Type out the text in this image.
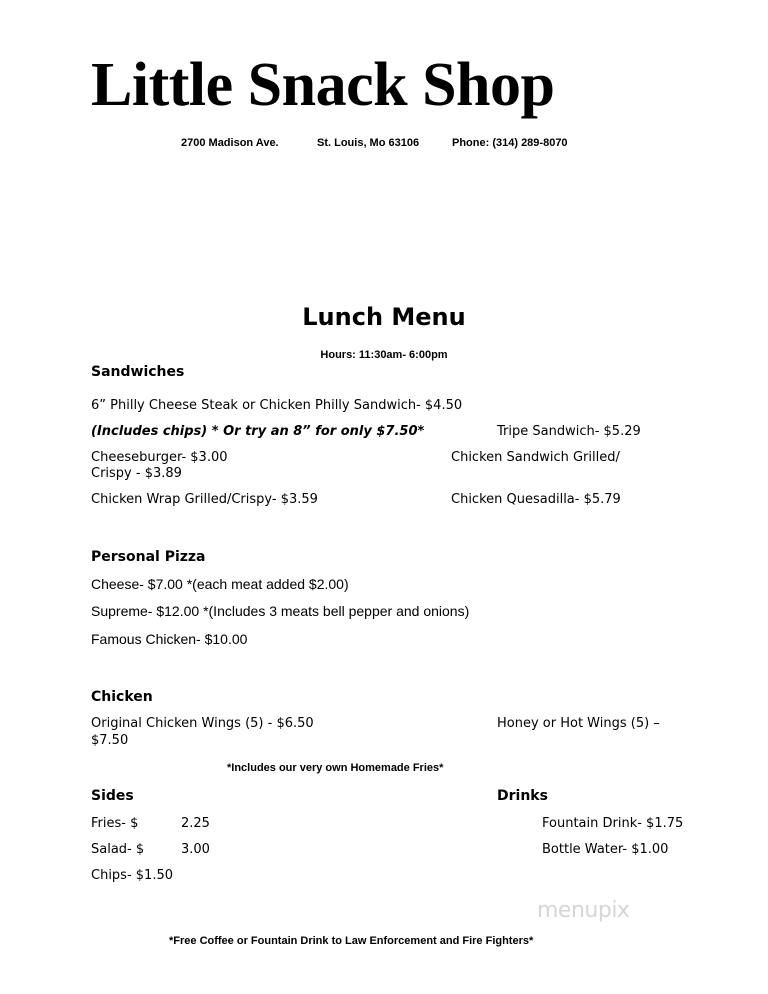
Little Snack Shop
2700 Madison Ave.	St. Louis, Mo 63106	Phone: (314) 289-8070
Lunch Menu
Hours: 11:30am- 6:00pm
Sandwiches
6” Philly Cheese Steak or Chicken Philly Sandwich- $4.50
(Includes chips) * Or try an 8” for only $7.50*	Tripe Sandwich- $5.29
Cheeseburger- $3.00	Chicken Sandwich Grilled/
Crispy - $3.89
Chicken Wrap Grilled/Crispy- $3.59	Chicken Quesadilla- $5.79
Personal Pizza
Cheese- $7.00 *(each meat added $2.00)
Supreme- $12.00 *(Includes 3 meats bell pepper and onions)
Famous Chicken- $10.00
Chicken
Original Chicken Wings (5) - $6.50	Honey or Hot Wings (5) –
$7.50
*Includes our very own Homemade Fries*
Sides
Fries- $	2.25
Salad- $	3.00
Chips- $1.50
Drinks
Fountain Drink- $1.75
Bottle Water- $1.00
menupix
*Free Coffee or Fountain Drink to Law Enforcement and Fire Fighters*
